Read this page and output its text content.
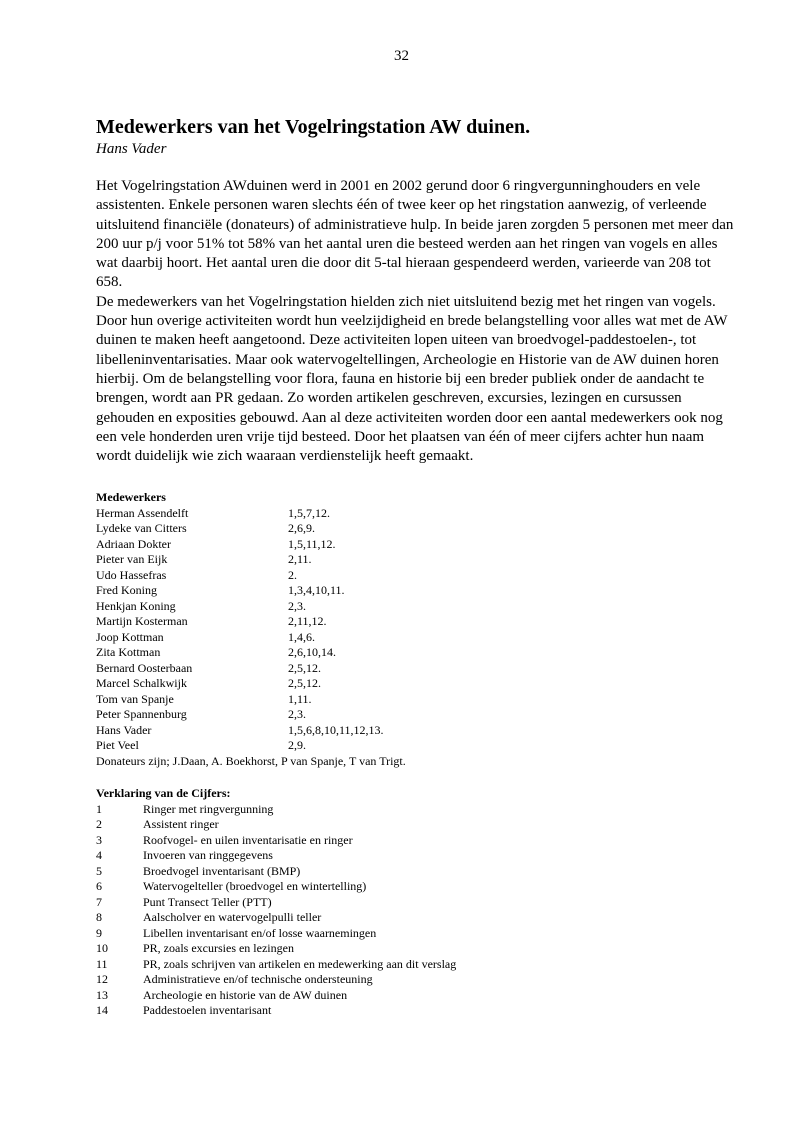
32
Medewerkers van het Vogelringstation AW duinen.
Hans Vader

Het Vogelringstation AWduinen werd in 2001 en 2002 gerund door 6 ringvergunninghouders en vele assistenten. Enkele personen waren slechts één of twee keer op het ringstation aanwezig, of verleende uitsluitend financiële (donateurs) of administratieve hulp. In beide jaren zorgden 5 personen met meer dan 200 uur p/j voor 51% tot 58% van het aantal uren die besteed werden aan het ringen van vogels en alles wat daarbij hoort. Het aantal uren die door dit 5-tal hieraan gespendeerd werden, varieerde van 208 tot 658.

De medewerkers van het Vogelringstation hielden zich niet uitsluitend bezig met het ringen van vogels. Door hun overige activiteiten wordt hun veelzijdigheid en brede belangstelling voor alles wat met de AW duinen te maken heeft aangetoond. Deze activiteiten lopen uiteen van broedvogel-paddestoelen-, tot libelleninventarisaties. Maar ook watervogeltellingen, Archeologie en Historie van de AW duinen horen hierbij. Om de belangstelling voor flora, fauna en historie bij een breder publiek onder de aandacht te brengen, wordt aan PR gedaan. Zo worden artikelen geschreven, excursies, lezingen en cursussen gehouden en exposities gebouwd. Aan al deze activiteiten worden door een aantal medewerkers ook nog een vele honderden uren vrije tijd besteed. Door het plaatsen van één of meer cijfers achter hun naam wordt duidelijk wie zich waaraan verdienstelijk heeft gemaakt.

Medewerkers
Herman Assendelft	1,5,7,12.
Lydeke van Citters	2,6,9.
Adriaan Dokter	1,5,11,12.
Pieter van Eijk	2,11.
Udo Hassefras	2.
Fred Koning	1,3,4,10,11.
Henkjan Koning	2,3.
Martijn Kosterman	2,11,12.
Joop Kottman	1,4,6.
Zita Kottman	2,6,10,14.
Bernard Oosterbaan	2,5,12.
Marcel Schalkwijk	2,5,12.
Tom van Spanje	1,11.
Peter Spannenburg	2,3.
Hans Vader	1,5,6,8,10,11,12,13.
Piet Veel	2,9.
Donateurs zijn; J.Daan, A. Boekhorst, P van Spanje, T van Trigt.
Verklaring van de Cijfers:
1	Ringer met ringvergunning
2	Assistent ringer
3	Roofvogel- en uilen inventarisatie en ringer
4	Invoeren van ringgegevens
5	Broedvogel inventarisant (BMP)
6	Watervogelteller (broedvogel en wintertelling)
7	Punt Transect Teller (PTT)
8	Aalscholver en watervogelpulli teller
9	Libellen inventarisant en/of losse waarnemingen
10	PR, zoals excursies en lezingen
11	PR, zoals schrijven van artikelen en medewerking aan dit verslag
12	Administratieve en/of technische ondersteuning
13	Archeologie en historie van de AW duinen
14	Paddestoelen inventarisant
